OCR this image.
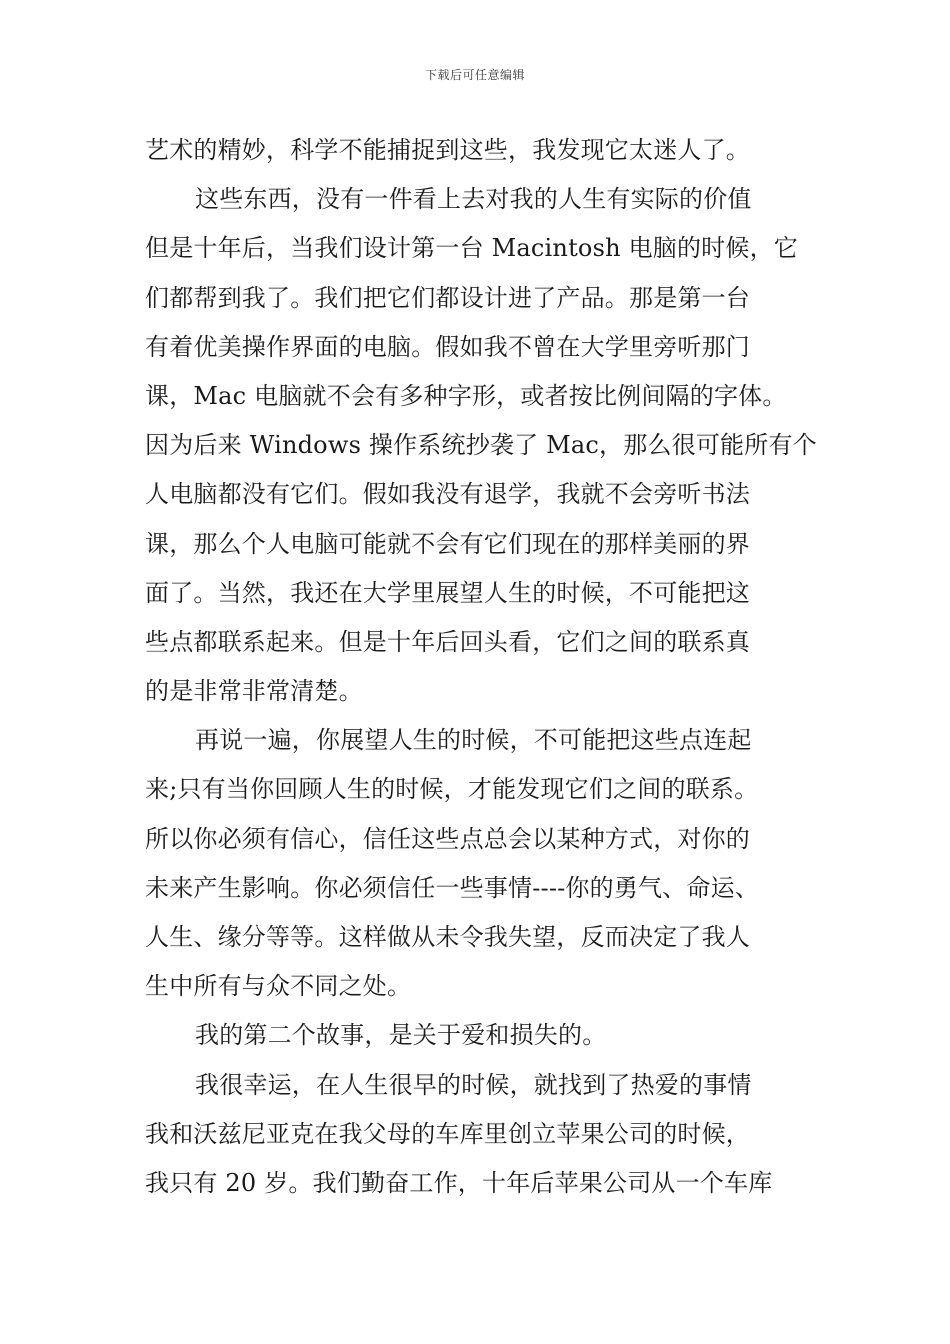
下载后可任意编辑
艺术的精妙，科学不能捕捉到这些，我发现它太迷人了。
这些东西，没有一件看上去对我的人生有实际的价值
但是十年后，当我们设计第一台 Macintosh 电脑的时候，它
们都帮到我了。我们把它们都设计进了产品。那是第一台
有着优美操作界面的电脑。假如我不曾在大学里旁听那门
课，Mac 电脑就不会有多种字形，或者按比例间隔的字体。
因为后来 Windows 操作系统抄袭了 Mac，那么很可能所有个
人电脑都没有它们。假如我没有退学，我就不会旁听书法
课，那么个人电脑可能就不会有它们现在的那样美丽的界
面了。当然，我还在大学里展望人生的时候，不可能把这
些点都联系起来。但是十年后回头看，它们之间的联系真
的是非常非常清楚。
再说一遍，你展望人生的时候，不可能把这些点连起
来;只有当你回顾人生的时候，才能发现它们之间的联系。
所以你必须有信心，信任这些点总会以某种方式，对你的
未来产生影响。你必须信任一些事情----你的勇气、命运、
人生、缘分等等。这样做从未令我失望，反而决定了我人
生中所有与众不同之处。
我的第二个故事，是关于爱和损失的。
我很幸运，在人生很早的时候，就找到了热爱的事情
我和沃兹尼亚克在我父母的车库里创立苹果公司的时候，
我只有 20 岁。我们勤奋工作，十年后苹果公司从一个车库
